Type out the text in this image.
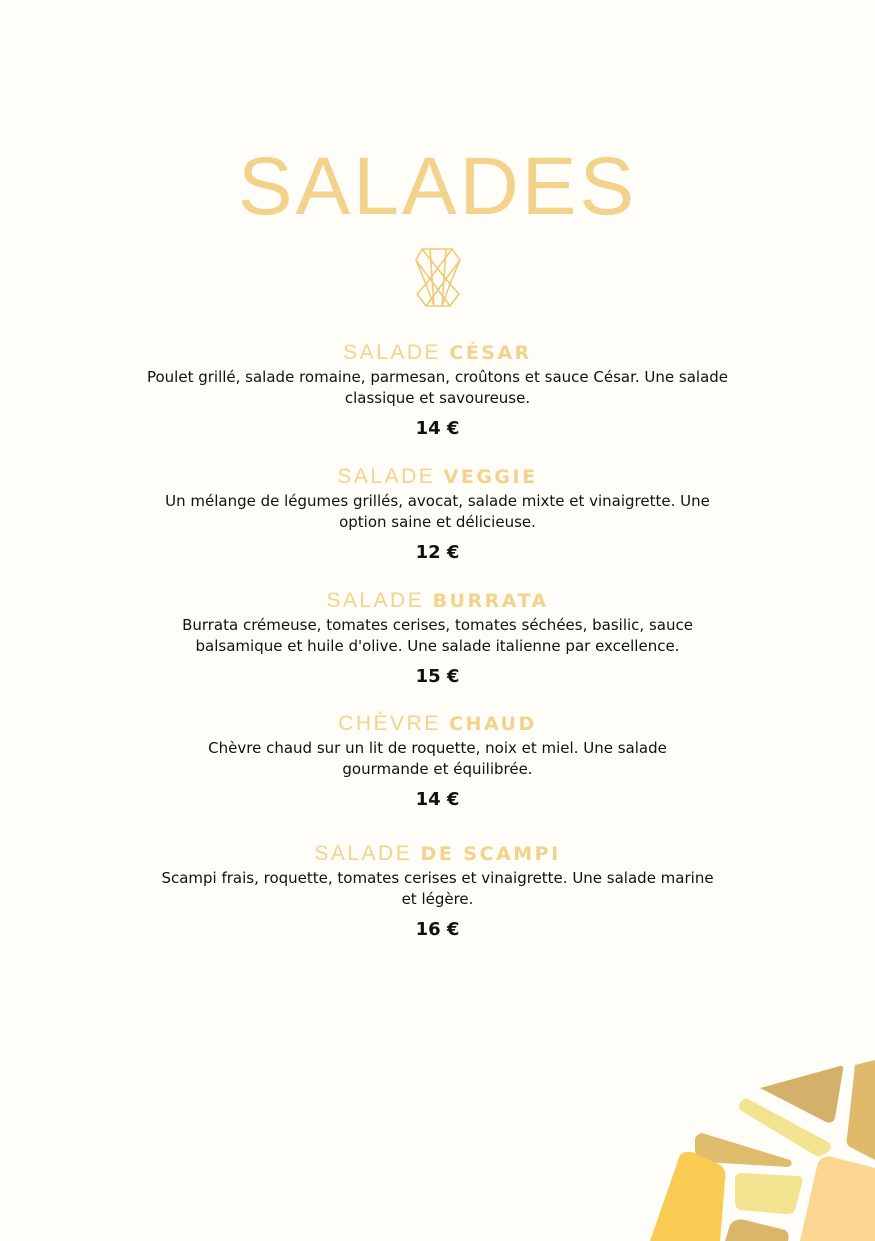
SALADES
SALADE CÉSAR
Poulet grillé, salade romaine, parmesan, croûtons et sauce César. Une salade classique et savoureuse.
14 €
SALADE VEGGIE
Un mélange de légumes grillés, avocat, salade mixte et vinaigrette. Une option saine et délicieuse.
12 €
SALADE BURRATA
Burrata crémeuse, tomates cerises, tomates séchées, basilic, sauce balsamique et huile d'olive. Une salade italienne par excellence.
15 €
CHÈVRE CHAUD
Chèvre chaud sur un lit de roquette, noix et miel. Une salade gourmande et équilibrée.
14 €
SALADE DE SCAMPI
Scampi frais, roquette, tomates cerises et vinaigrette. Une salade marine et légère.
16 €
